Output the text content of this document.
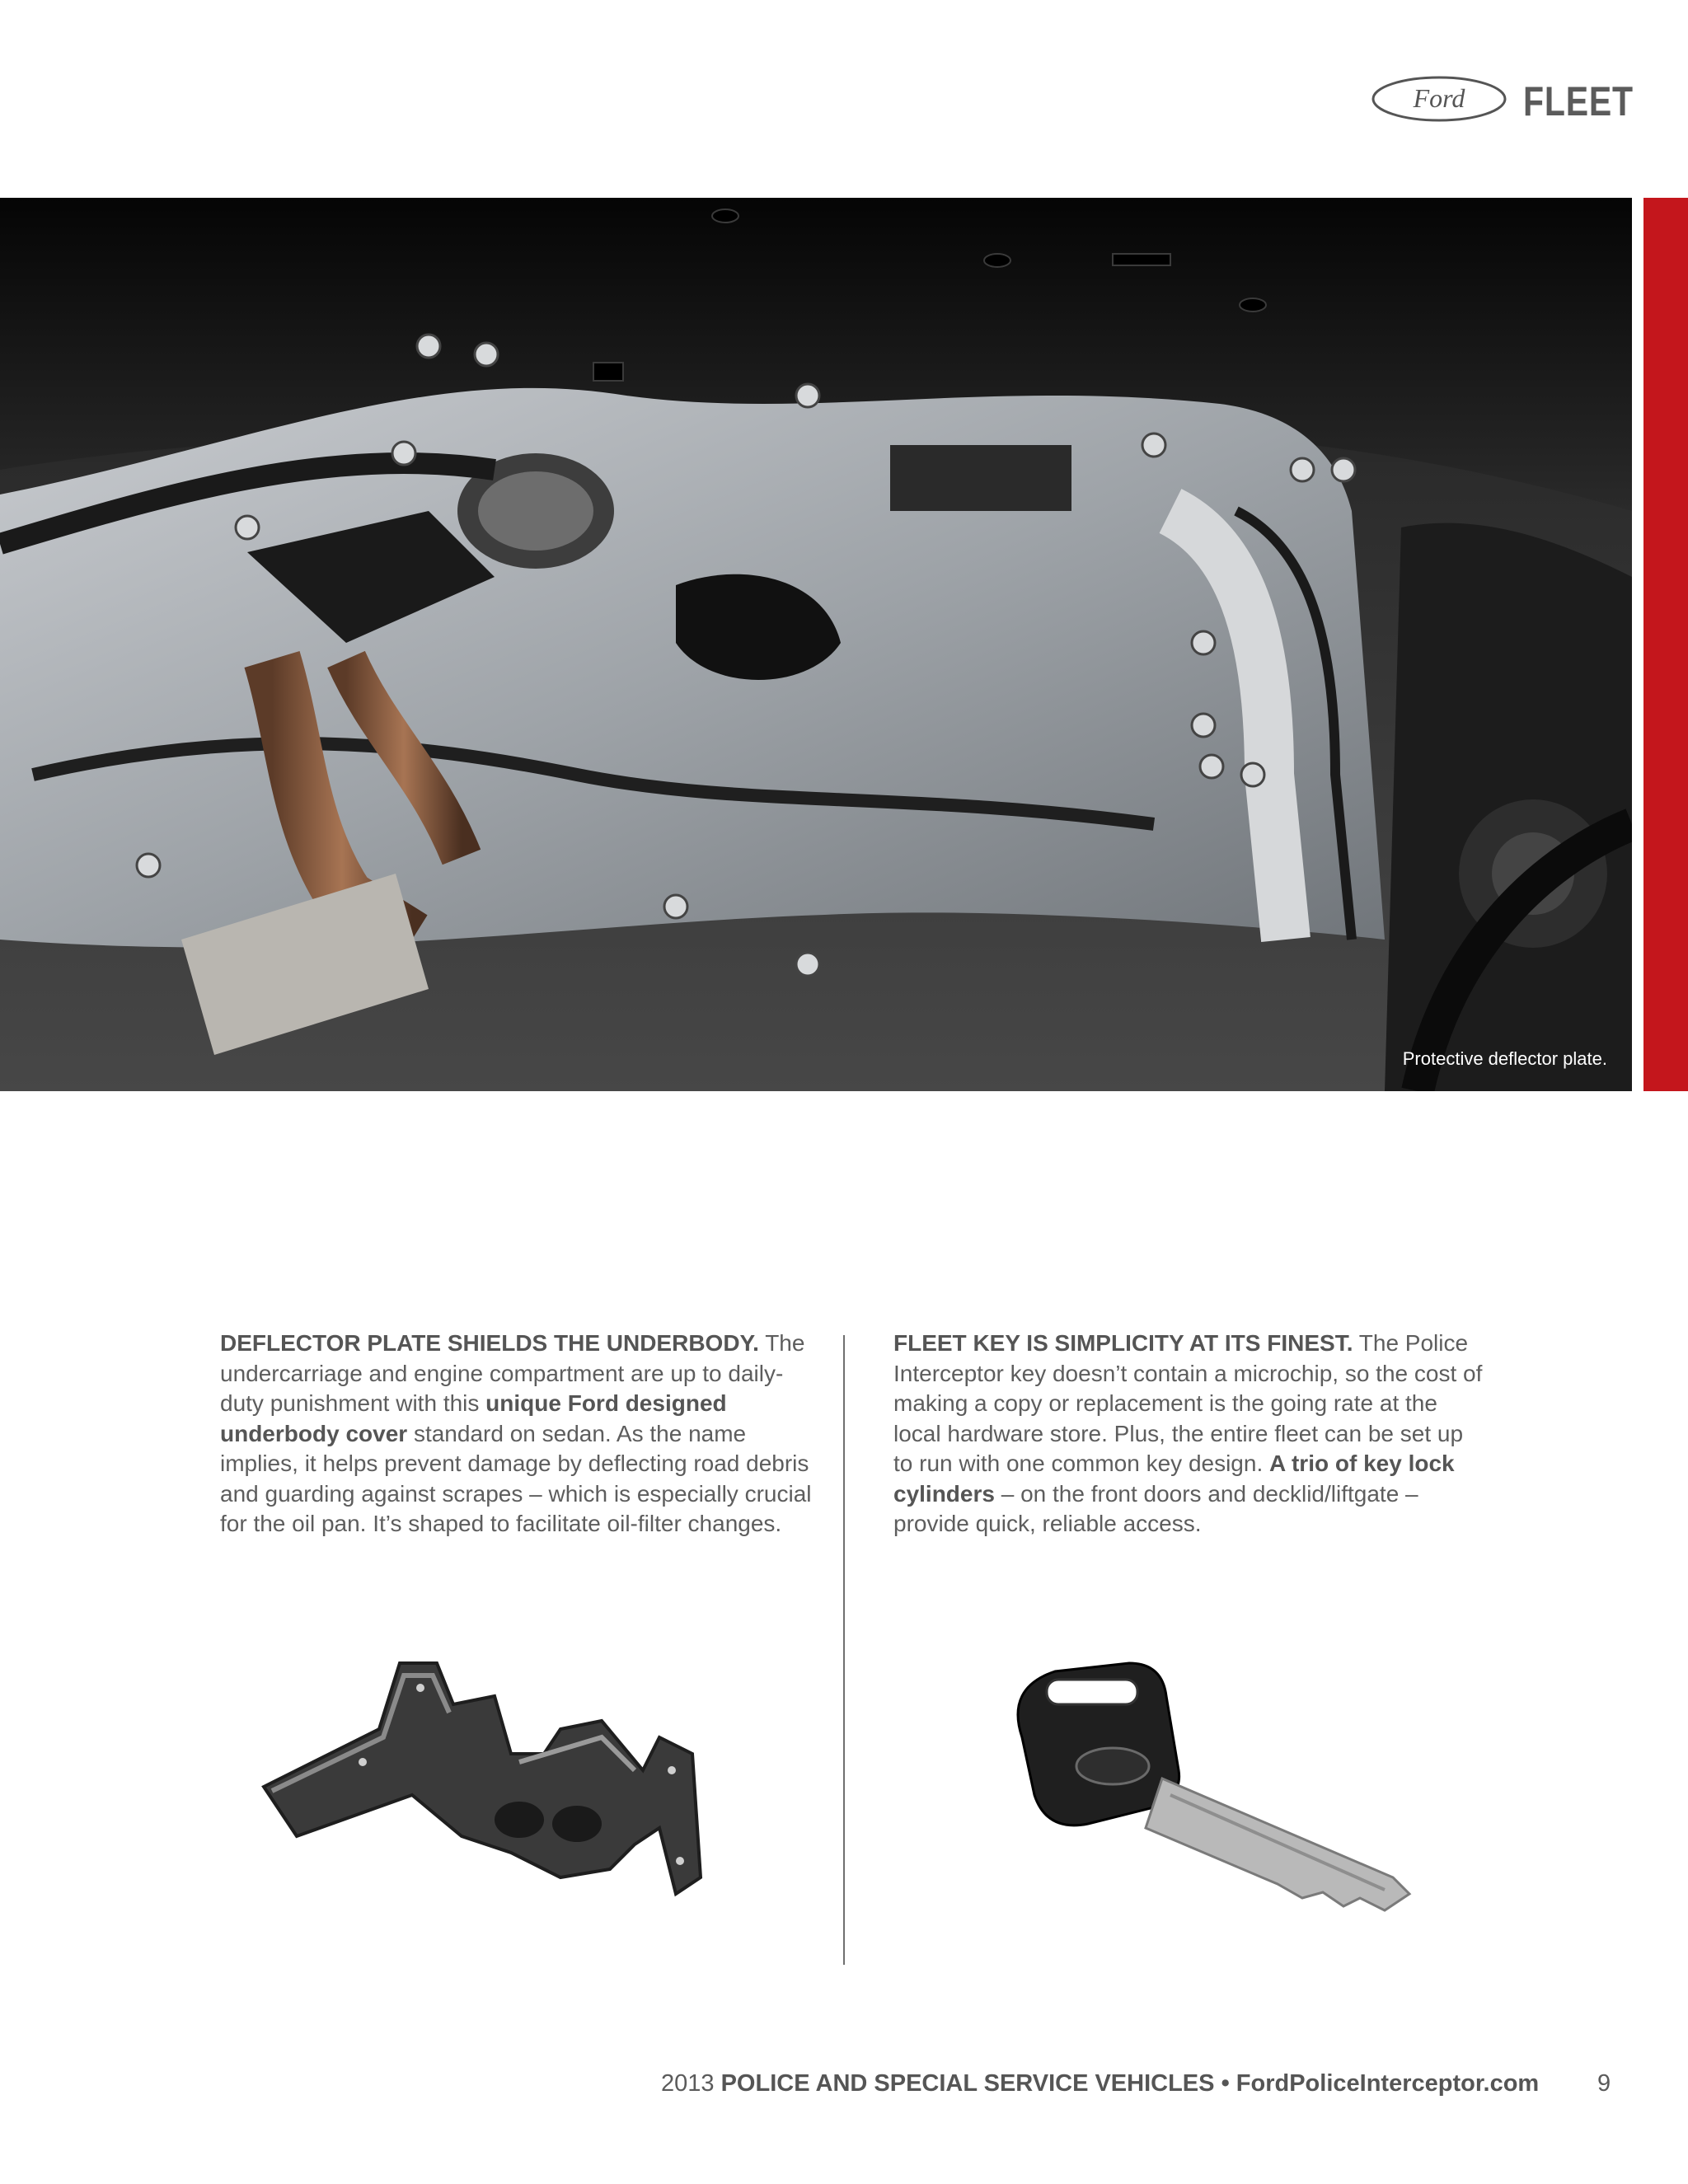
Ford FLEET
Protective deflector plate.
DEFLECTOR PLATE SHIELDS THE UNDERBODY. The undercarriage and engine compartment are up to daily-duty punishment with this unique Ford designed underbody cover standard on sedan. As the name implies, it helps prevent damage by deflecting road debris and guarding against scrapes – which is especially crucial for the oil pan. It’s shaped to facilitate oil-filter changes.
FLEET KEY IS SIMPLICITY AT ITS FINEST. The Police Interceptor key doesn’t contain a microchip, so the cost of making a copy or replacement is the going rate at the local hardware store. Plus, the entire fleet can be set up to run with one common key design. A trio of key lock cylinders – on the front doors and decklid/liftgate – provide quick, reliable access.
2013 POLICE AND SPECIAL SERVICE VEHICLES • FordPoliceInterceptor.com 9
